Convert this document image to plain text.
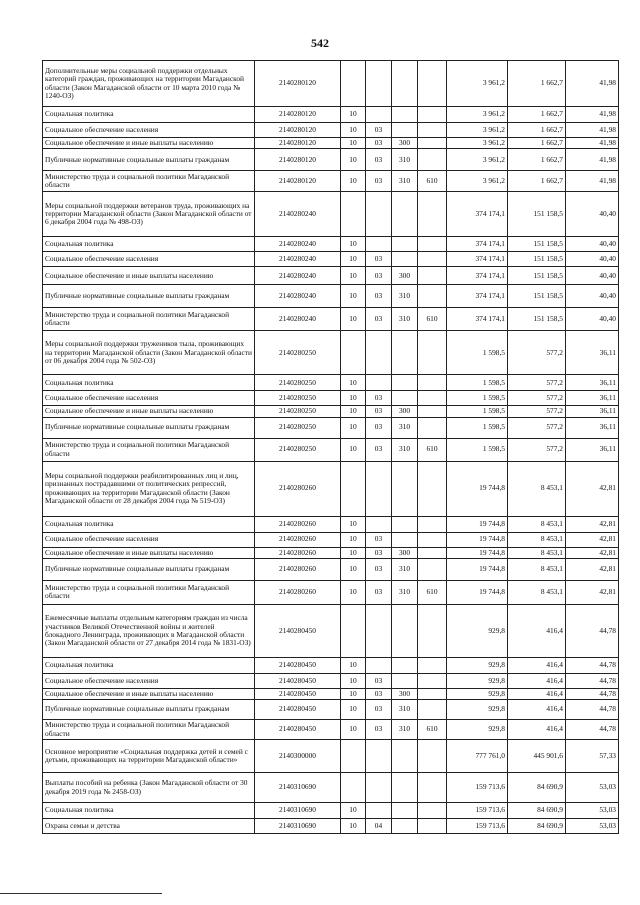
542
Дополнительные меры социальной поддержки отдельных категорий граждан, проживающих на территории Магаданской области (Закон Магаданской области от 10 марта 2010 года № 1240-ОЗ)	2140280120					3 961,2	1 662,7	41,98
Социальная политика	2140280120	10				3 961,2	1 662,7	41,98
Социальное обеспечение населения	2140280120	10	03			3 961,2	1 662,7	41,98
Социальное обеспечение и иные выплаты населению	2140280120	10	03	300		3 961,2	1 662,7	41,98
Публичные нормативные социальные выплаты гражданам	2140280120	10	03	310		3 961,2	1 662,7	41,98
Министерство труда и социальной политики Магаданской области	2140280120	10	03	310	610	3 961,2	1 662,7	41,98
Меры социальной поддержки ветеранов труда, проживающих на территории Магаданской области (Закон Магаданской области от 6 декабря 2004 года № 498-ОЗ)	2140280240					374 174,1	151 158,5	40,40
Социальная политика	2140280240	10				374 174,1	151 158,5	40,40
Социальное обеспечение населения	2140280240	10	03			374 174,1	151 158,5	40,40
Социальное обеспечение и иные выплаты населению	2140280240	10	03	300		374 174,1	151 158,5	40,40
Публичные нормативные социальные выплаты гражданам	2140280240	10	03	310		374 174,1	151 158,5	40,40
Министерство труда и социальной политики Магаданской области	2140280240	10	03	310	610	374 174,1	151 158,5	40,40
Меры социальной поддержки тружеников тыла, проживающих на территории Магаданской области (Закон Магаданской области от 06 декабря 2004 года № 502-ОЗ)	2140280250					1 598,5	577,2	36,11
Социальная политика	2140280250	10				1 598,5	577,2	36,11
Социальное обеспечение населения	2140280250	10	03			1 598,5	577,2	36,11
Социальное обеспечение и иные выплаты населению	2140280250	10	03	300		1 598,5	577,2	36,11
Публичные нормативные социальные выплаты гражданам	2140280250	10	03	310		1 598,5	577,2	36,11
Министерство труда и социальной политики Магаданской области	2140280250	10	03	310	610	1 598,5	577,2	36,11
Меры социальной поддержки реабилитированных лиц и лиц, признанных пострадавшими от политических репрессий, проживающих на территории Магаданской области (Закон Магаданской области от 28 декабря 2004 года № 519-ОЗ)	2140280260					19 744,8	8 453,1	42,81
Социальная политика	2140280260	10				19 744,8	8 453,1	42,81
Социальное обеспечение населения	2140280260	10	03			19 744,8	8 453,1	42,81
Социальное обеспечение и иные выплаты населению	2140280260	10	03	300		19 744,8	8 453,1	42,81
Публичные нормативные социальные выплаты гражданам	2140280260	10	03	310		19 744,8	8 453,1	42,81
Министерство труда и социальной политики Магаданской области	2140280260	10	03	310	610	19 744,8	8 453,1	42,81
Ежемесячные выплаты отдельным категориям граждан из числа участников Великой Отечественной войны и жителей блокадного Ленинграда, проживающих в Магаданской области (Закон Магаданской области от 27 декабря 2014 года № 1831-ОЗ)	2140280450					929,8	416,4	44,78
Социальная политика	2140280450	10				929,8	416,4	44,78
Социальное обеспечение населения	2140280450	10	03			929,8	416,4	44,78
Социальное обеспечение и иные выплаты населению	2140280450	10	03	300		929,8	416,4	44,78
Публичные нормативные социальные выплаты гражданам	2140280450	10	03	310		929,8	416,4	44,78
Министерство труда и социальной политики Магаданской области	2140280450	10	03	310	610	929,8	416,4	44,78
Основное мероприятие «Социальная поддержка детей и семей с детьми, проживающих на территории Магаданской области»	2140300000					777 761,0	445 901,6	57,33
Выплаты пособий на ребенка (Закон Магаданской области от 30 декабря 2019 года № 2458-ОЗ)	2140310690					159 713,6	84 690,9	53,03
Социальная политика	2140310690	10				159 713,6	84 690,9	53,03
Охрана семьи и детства	2140310690	10	04			159 713,6	84 690,9	53,03
